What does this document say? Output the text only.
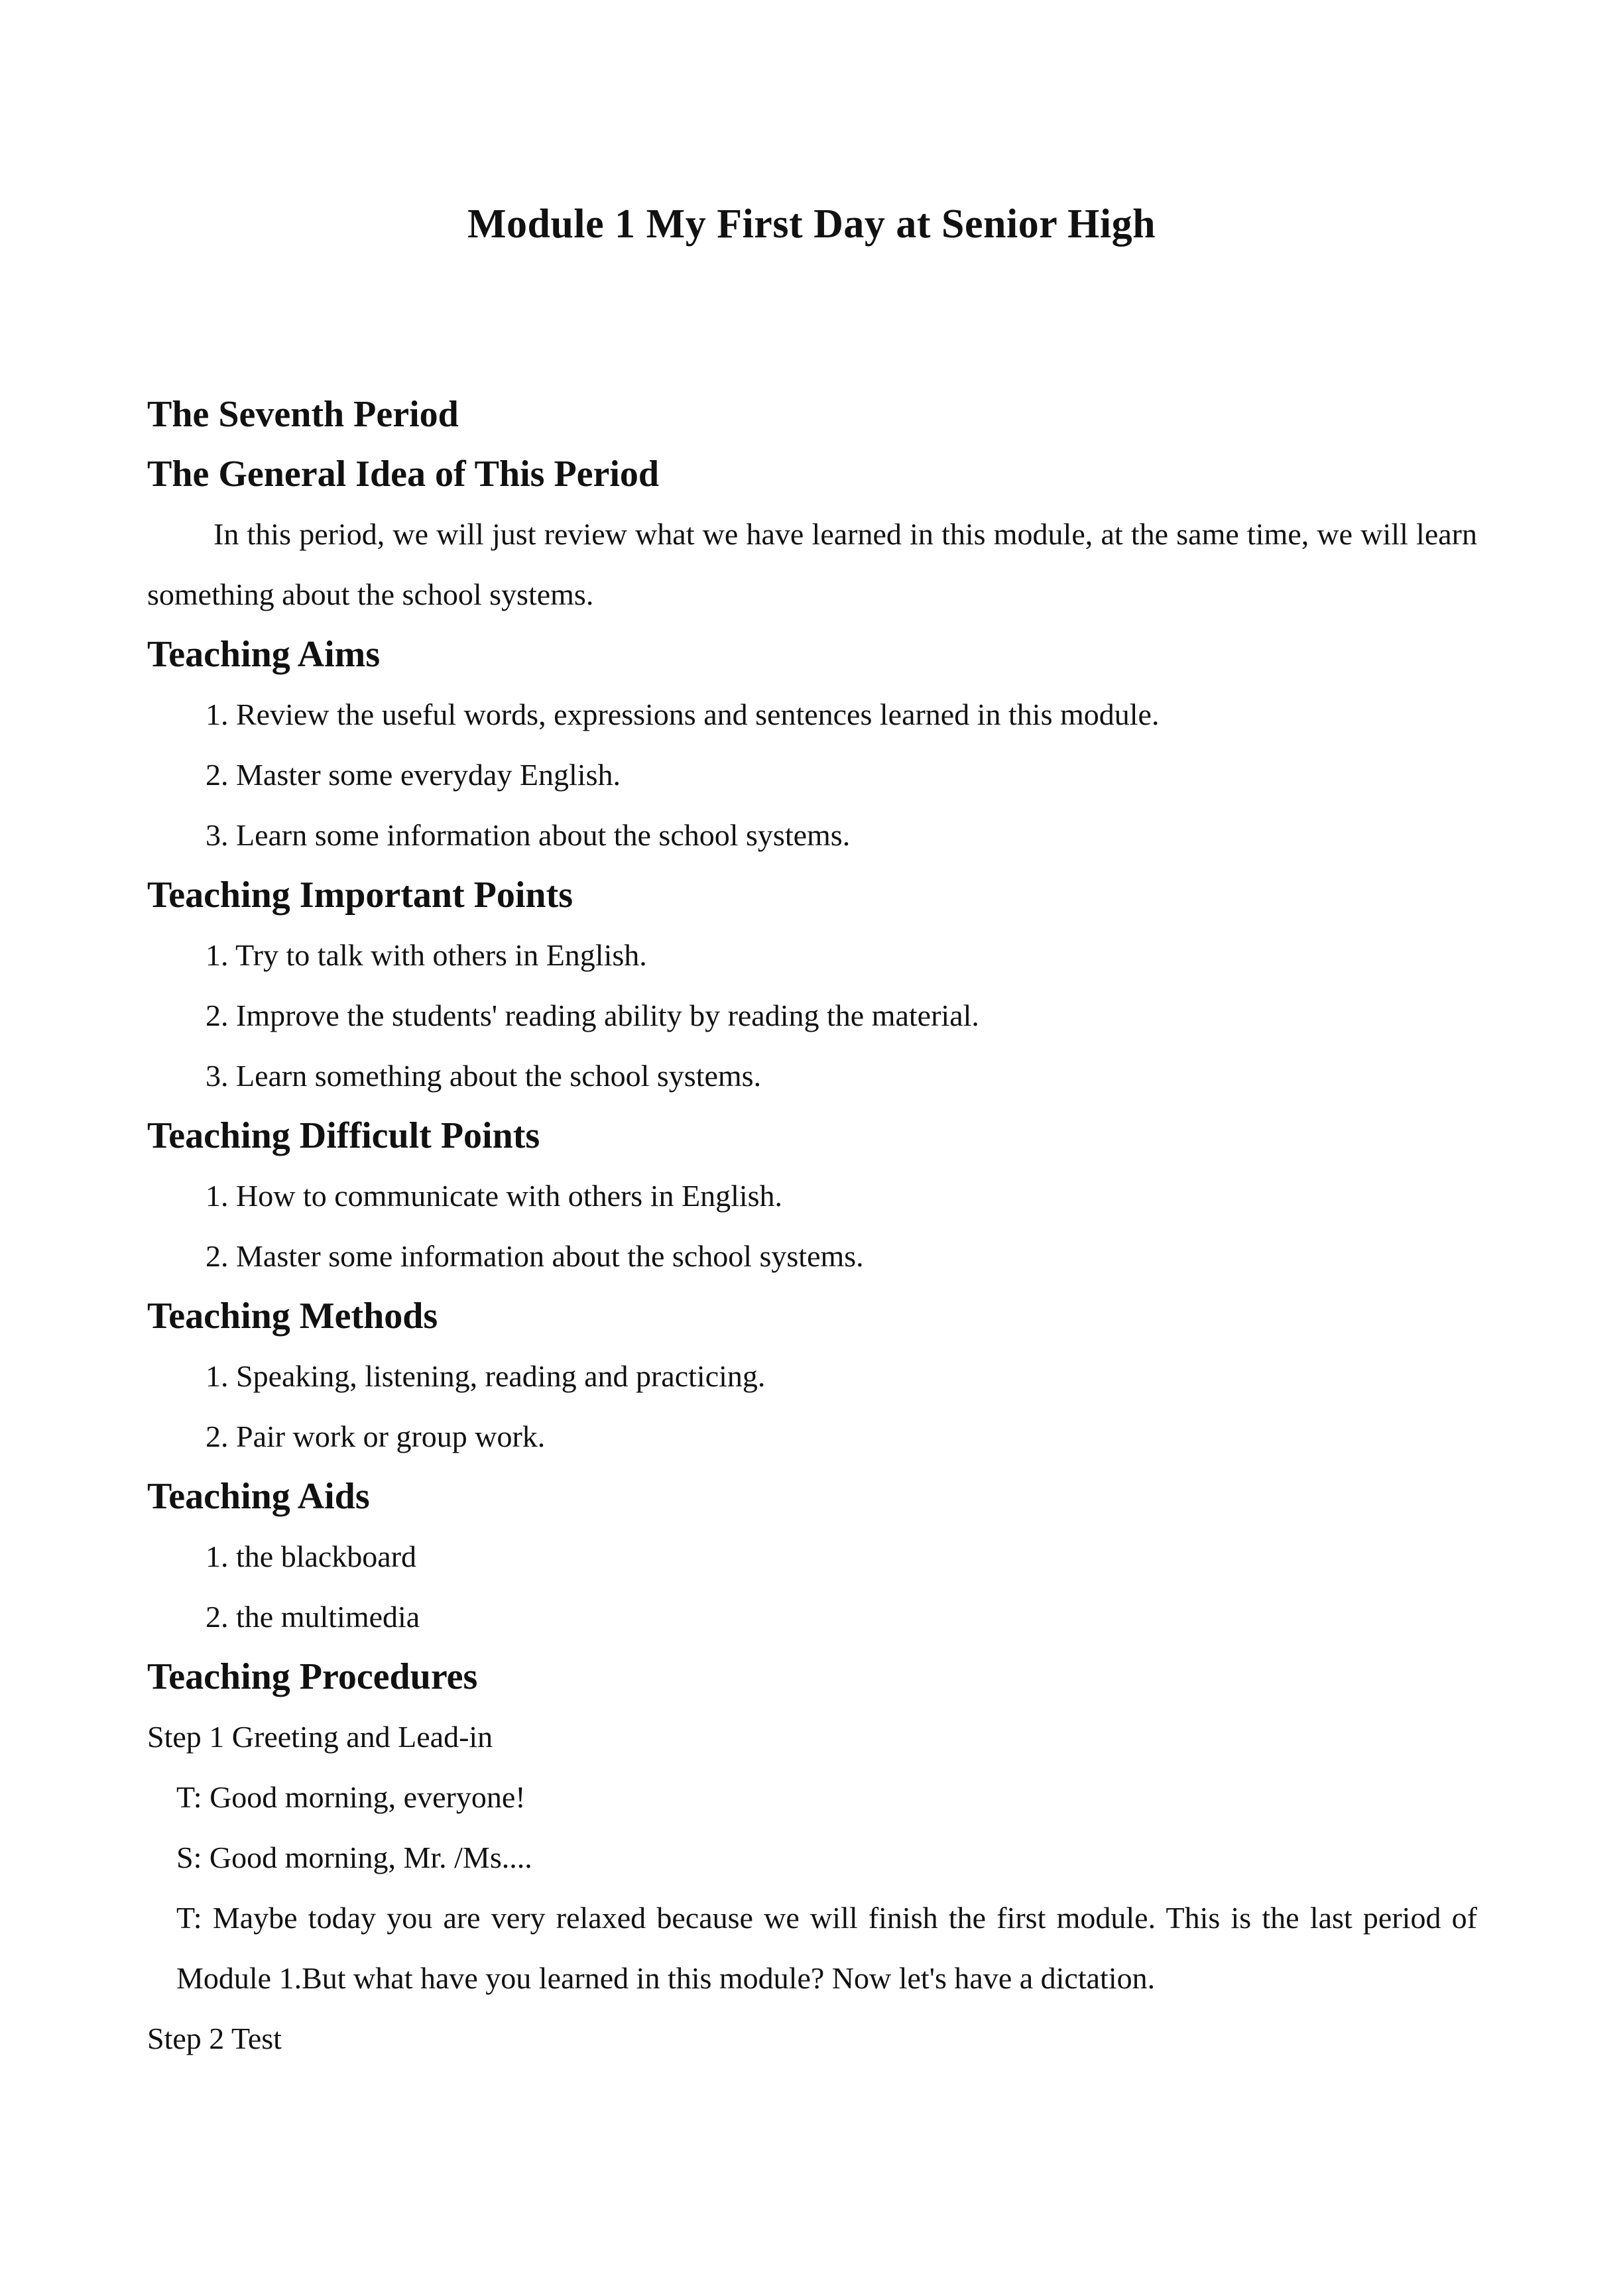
Module 1 My First Day at Senior High
The Seventh Period
The General Idea of This Period

In this period, we will just review what we have learned in this module, at the same time, we will learn something about the school systems.

Teaching Aims
1. Review the useful words, expressions and sentences learned in this module.
2. Master some everyday English.
3. Learn some information about the school systems.
Teaching Important Points
1. Try to talk with others in English.
2. Improve the students' reading ability by reading the material.
3. Learn something about the school systems.
Teaching Difficult Points
1. How to communicate with others in English.
2. Master some information about the school systems.
Teaching Methods
1. Speaking, listening, reading and practicing.
2. Pair work or group work.
Teaching Aids
1. the blackboard
2. the multimedia
Teaching Procedures
Step 1 Greeting and Lead-in
T: Good morning, everyone!
S: Good morning, Mr. /Ms....
T: Maybe today you are very relaxed because we will finish the first module. This is the last period of Module 1.But what have you learned in this module? Now let's have a dictation.
Step 2 Test
